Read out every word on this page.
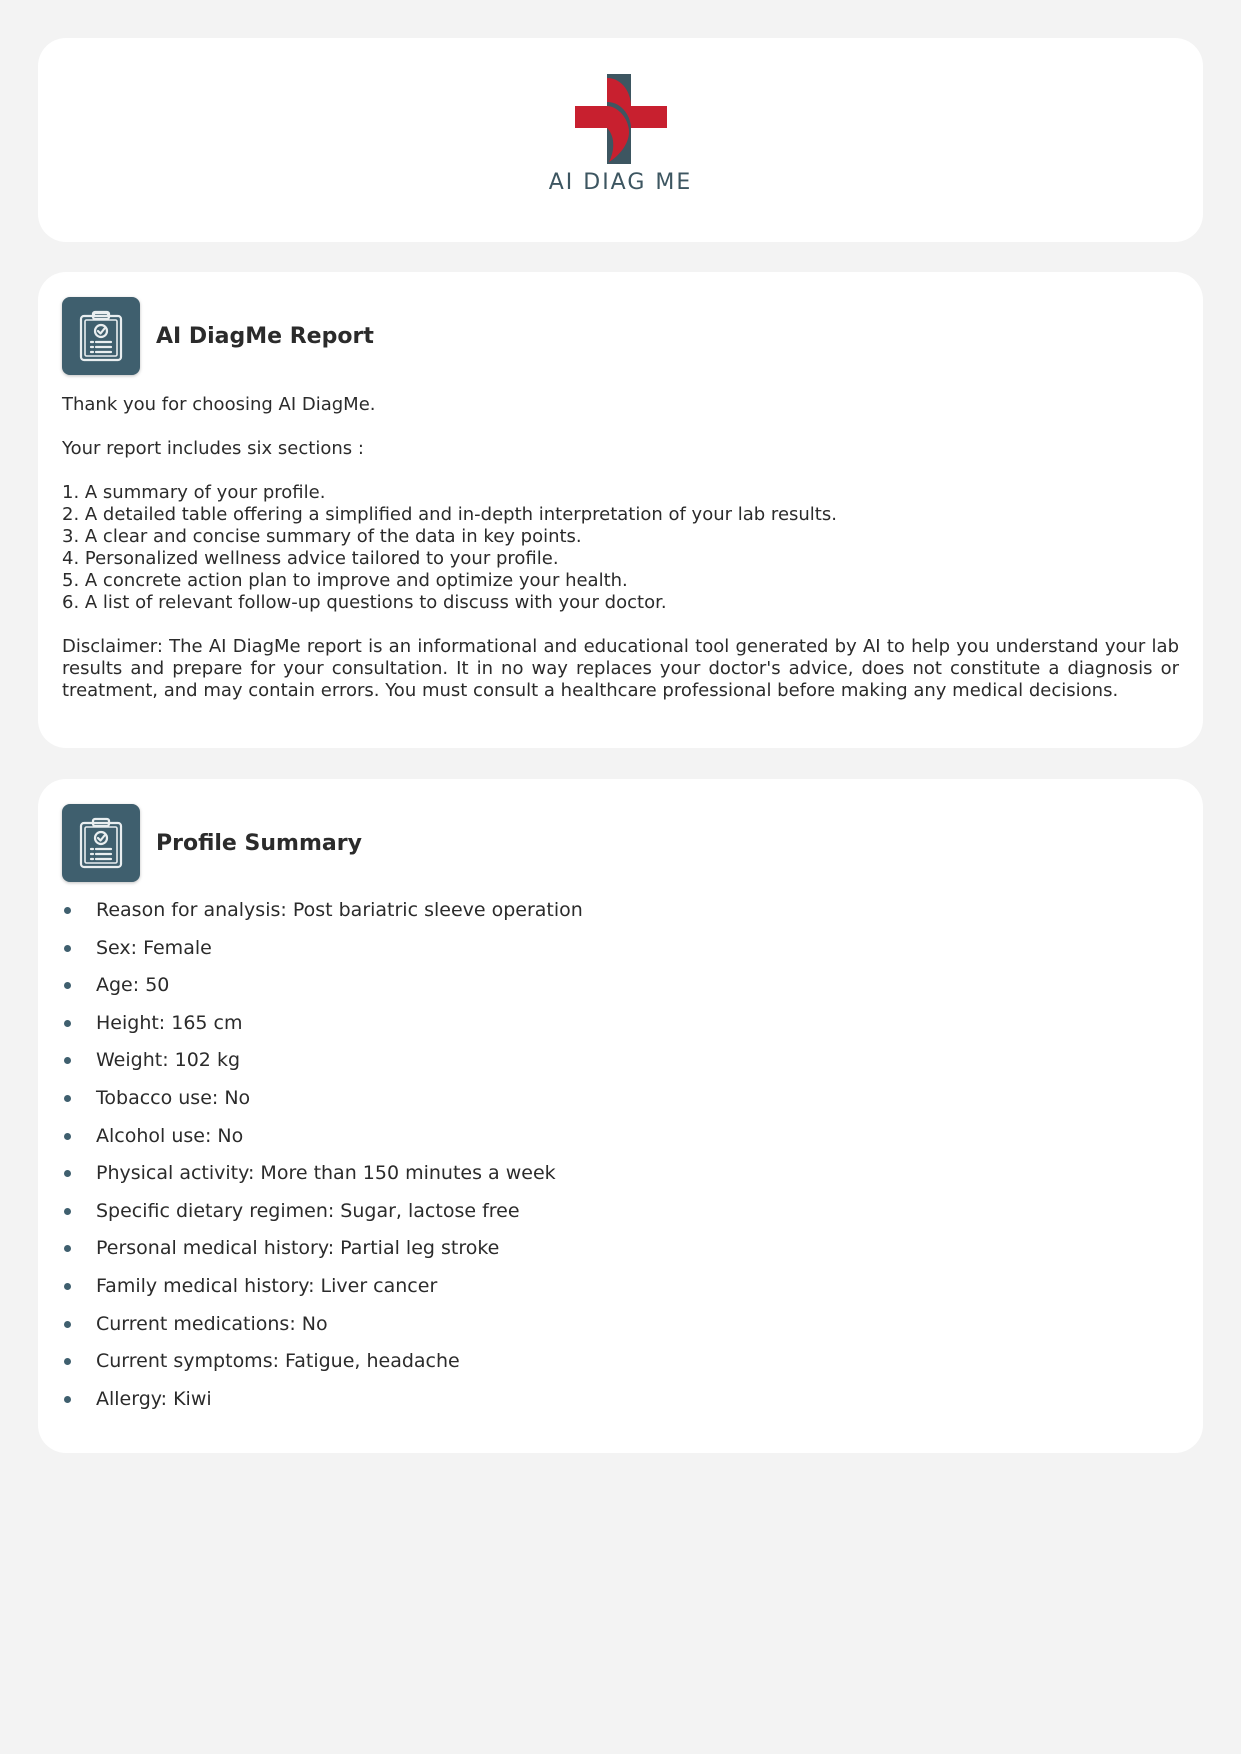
AI DIAG ME
AI DiagMe Report

Thank you for choosing AI DiagMe.

Your report includes six sections :

1. A summary of your profile.

2. A detailed table offering a simplified and in-depth interpretation of your lab results.

3. A clear and concise summary of the data in key points.

4. Personalized wellness advice tailored to your profile.

5. A concrete action plan to improve and optimize your health.

6. A list of relevant follow-up questions to discuss with your doctor.

Disclaimer: The AI DiagMe report is an informational and educational tool generated by AI to help you understand your lab results and prepare for your consultation. It in no way replaces your doctor's advice, does not constitute a diagnosis or treatment, and may contain errors. You must consult a healthcare professional before making any medical decisions.

Profile Summary
Reason for analysis: Post bariatric sleeve operation
Sex: Female
Age: 50
Height: 165 cm
Weight: 102 kg
Tobacco use: No
Alcohol use: No
Physical activity: More than 150 minutes a week
Specific dietary regimen: Sugar, lactose free
Personal medical history: Partial leg stroke
Family medical history: Liver cancer
Current medications: No
Current symptoms: Fatigue, headache
Allergy: Kiwi
